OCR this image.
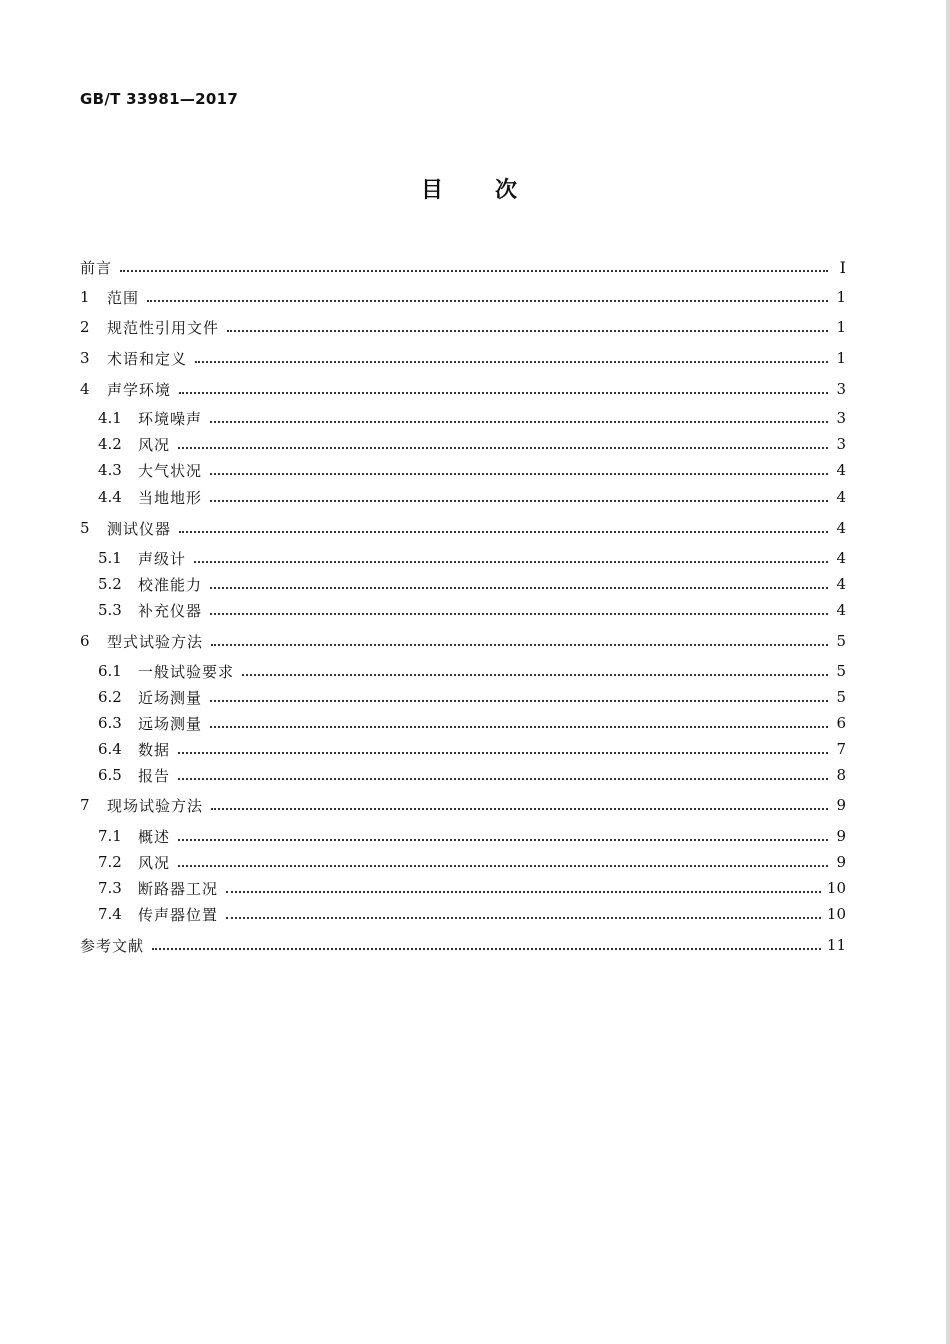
GB/T 33981—2017
目次
前言	Ⅰ
1	范围	1
2	规范性引用文件	1
3	术语和定义	1
4	声学环境	3
4.1	环境噪声	3
4.2	风况	3
4.3	大气状况	4
4.4	当地地形	4
5	测试仪器	4
5.1	声级计	4
5.2	校准能力	4
5.3	补充仪器	4
6	型式试验方法	5
6.1	一般试验要求	5
6.2	近场测量	5
6.3	远场测量	6
6.4	数据	7
6.5	报告	8
7	现场试验方法	9
7.1	概述	9
7.2	风况	9
7.3	断路器工况	10
7.4	传声器位置	10
参考文献	11
